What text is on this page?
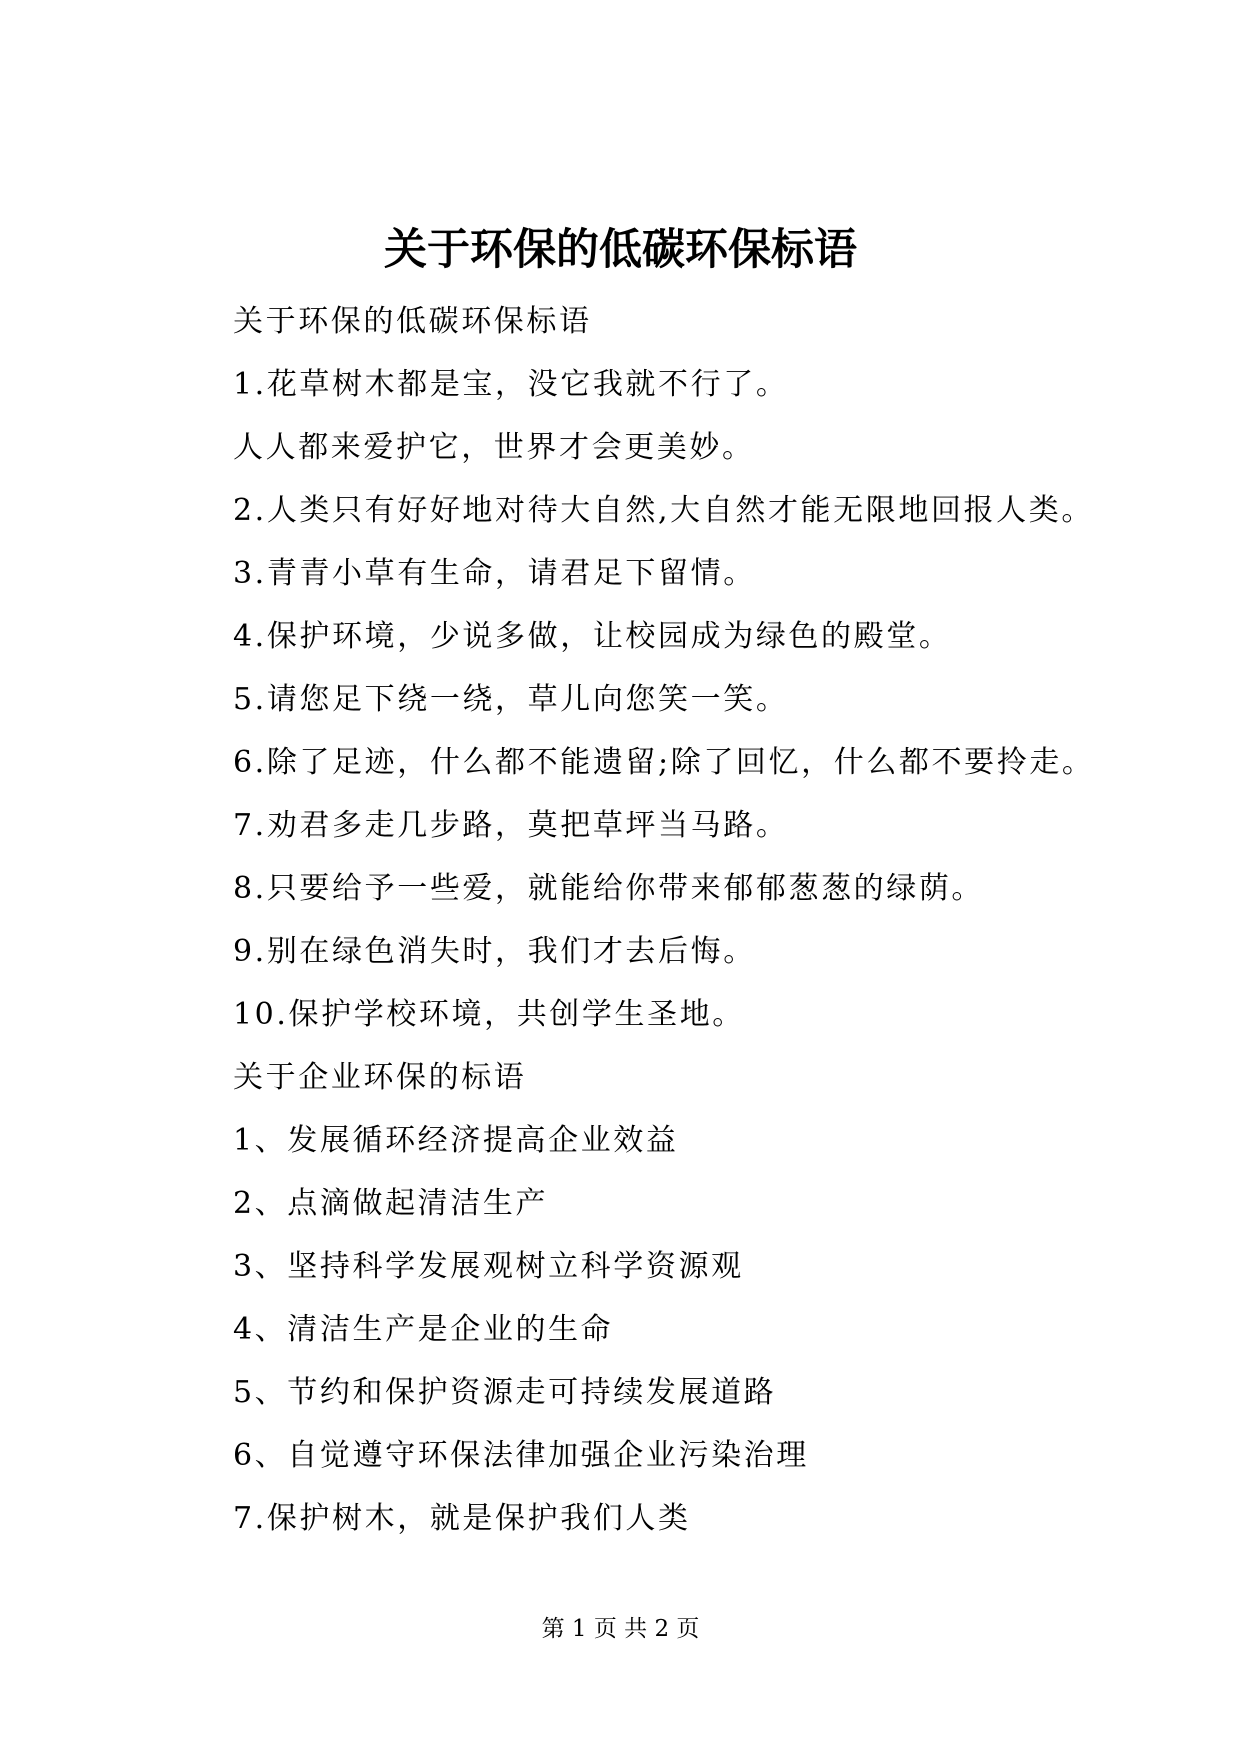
关于环保的低碳环保标语

关于环保的低碳环保标语

1.花草树木都是宝，没它我就不行了。

人人都来爱护它，世界才会更美妙。

2.人类只有好好地对待大自然,大自然才能无限地回报人类。

3.青青小草有生命，请君足下留情。

4.保护环境，少说多做，让校园成为绿色的殿堂。

5.请您足下绕一绕，草儿向您笑一笑。

6.除了足迹，什么都不能遗留;除了回忆，什么都不要拎走。

7.劝君多走几步路，莫把草坪当马路。

8.只要给予一些爱，就能给你带来郁郁葱葱的绿荫。

9.别在绿色消失时，我们才去后悔。

10.保护学校环境，共创学生圣地。

关于企业环保的标语

1、发展循环经济提高企业效益

2、点滴做起清洁生产

3、坚持科学发展观树立科学资源观

4、清洁生产是企业的生命

5、节约和保护资源走可持续发展道路

6、自觉遵守环保法律加强企业污染治理

7.保护树木，就是保护我们人类

第 1 页 共 2 页
